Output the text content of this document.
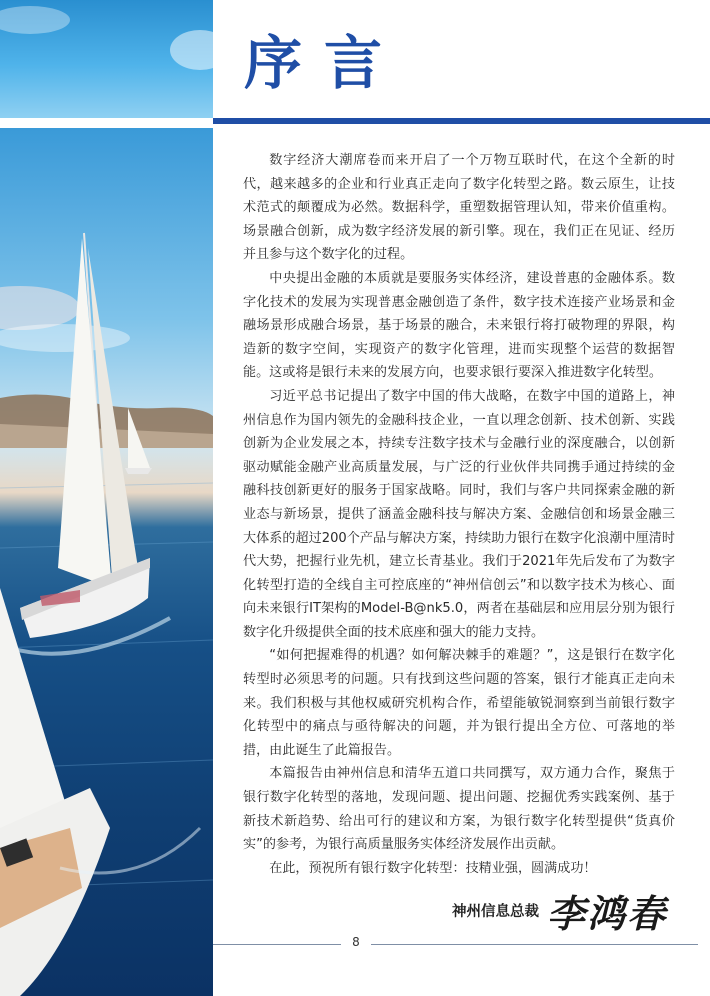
序言

数字经济大潮席卷而来开启了一个万物互联时代，在这个全新的时代，越来越多的企业和行业真正走向了数字化转型之路。数云原生，让技术范式的颠覆成为必然。数据科学，重塑数据管理认知，带来价值重构。场景融合创新，成为数字经济发展的新引擎。现在，我们正在见证、经历并且参与这个数字化的过程。

中央提出金融的本质就是要服务实体经济，建设普惠的金融体系。数字化技术的发展为实现普惠金融创造了条件，数字技术连接产业场景和金融场景形成融合场景，基于场景的融合，未来银行将打破物理的界限，构造新的数字空间，实现资产的数字化管理，进而实现整个运营的数据智能。这或将是银行未来的发展方向，也要求银行要深入推进数字化转型。

习近平总书记提出了数字中国的伟大战略，在数字中国的道路上，神州信息作为国内领先的金融科技企业，一直以理念创新、技术创新、实践创新为企业发展之本，持续专注数字技术与金融行业的深度融合，以创新驱动赋能金融产业高质量发展，与广泛的行业伙伴共同携手通过持续的金融科技创新更好的服务于国家战略。同时，我们与客户共同探索金融的新业态与新场景，提供了涵盖金融科技与解决方案、金融信创和场景金融三大体系的超过200个产品与解决方案，持续助力银行在数字化浪潮中厘清时代大势，把握行业先机，建立长青基业。我们于2021年先后发布了为数字化转型打造的全线自主可控底座的“神州信创云”和以数字技术为核心、面向未来银行IT架构的Model-B@nk5.0，两者在基础层和应用层分别为银行数字化升级提供全面的技术底座和强大的能力支持。

“如何把握难得的机遇？如何解决棘手的难题？”，这是银行在数字化转型时必须思考的问题。只有找到这些问题的答案，银行才能真正走向未来。我们积极与其他权威研究机构合作，希望能敏锐洞察到当前银行数字化转型中的痛点与亟待解决的问题，并为银行提出全方位、可落地的举措，由此诞生了此篇报告。

本篇报告由神州信息和清华五道口共同撰写，双方通力合作，聚焦于银行数字化转型的落地，发现问题、提出问题、挖掘优秀实践案例、基于新技术新趋势、给出可行的建议和方案，为银行数字化转型提供“货真价实”的参考，为银行高质量服务实体经济发展作出贡献。

在此，预祝所有银行数字化转型：技精业强，圆满成功！

神州信息总裁 李鸿春
8
